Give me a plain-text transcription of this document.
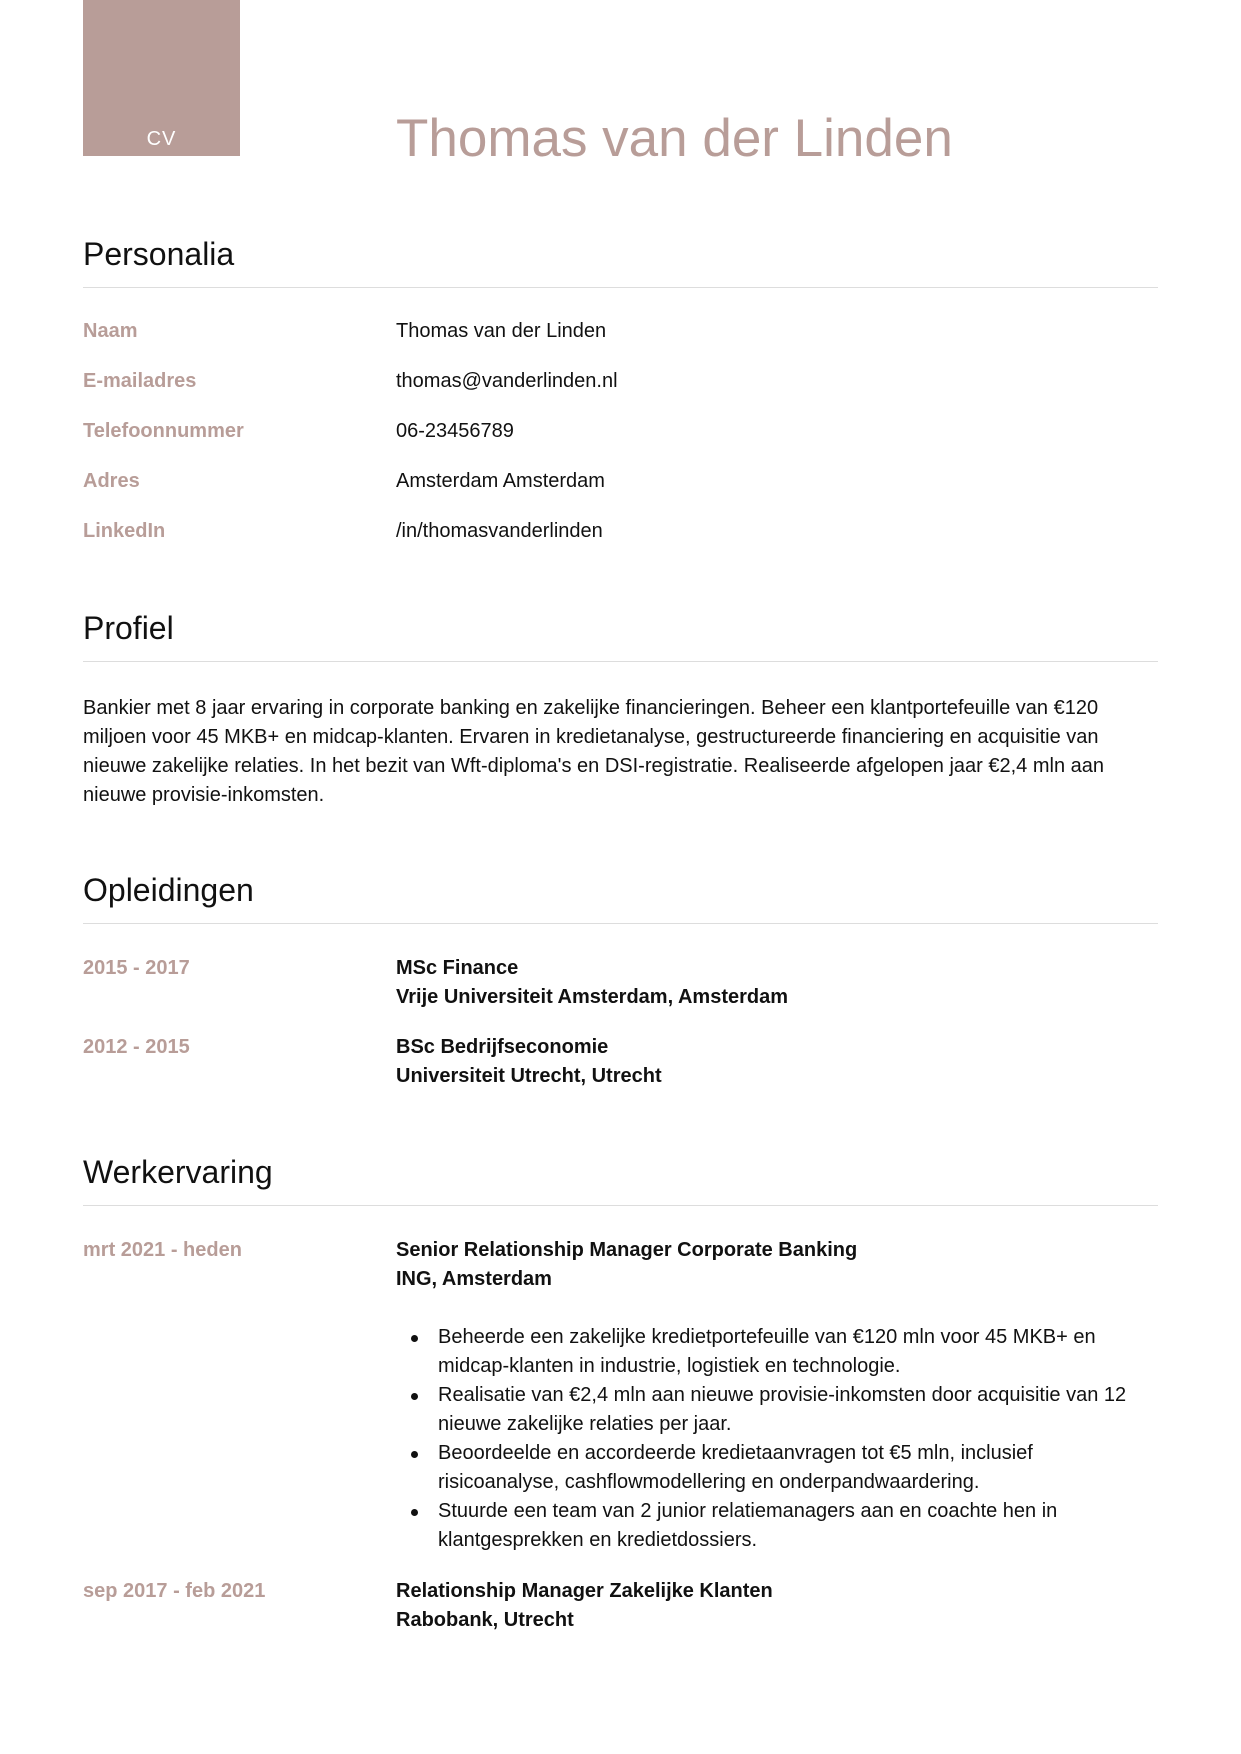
CV	Thomas van der Linden
Personalia
Naam	Thomas van der Linden
E-mailadres	thomas@vanderlinden.nl
Telefoonnummer	06-23456789
Adres	Amsterdam Amsterdam
LinkedIn	/in/thomasvanderlinden
Profiel

Bankier met 8 jaar ervaring in corporate banking en zakelijke financieringen. Beheer een klantportefeuille van €120 miljoen voor 45 MKB+ en midcap-klanten. Ervaren in kredietanalyse, gestructureerde financiering en acquisitie van nieuwe zakelijke relaties. In het bezit van Wft-diploma's en DSI-registratie. Realiseerde afgelopen jaar €2,4 mln aan nieuwe provisie-inkomsten.

Opleidingen
2015 - 2017	MSc Finance
Vrije Universiteit Amsterdam, Amsterdam
2012 - 2015	BSc Bedrijfseconomie
Universiteit Utrecht, Utrecht
Werkervaring
mrt 2021 - heden	Senior Relationship Manager Corporate Banking
ING, Amsterdam
Beheerde een zakelijke kredietportefeuille van €120 mln voor 45 MKB+ en midcap-klanten in industrie, logistiek en technologie.
Realisatie van €2,4 mln aan nieuwe provisie-inkomsten door acquisitie van 12 nieuwe zakelijke relaties per jaar.
Beoordeelde en accordeerde kredietaanvragen tot €5 mln, inclusief risicoanalyse, cashflowmodellering en onderpandwaardering.
Stuurde een team van 2 junior relatiemanagers aan en coachte hen in klantgesprekken en kredietdossiers.
sep 2017 - feb 2021	Relationship Manager Zakelijke Klanten
Rabobank, Utrecht
